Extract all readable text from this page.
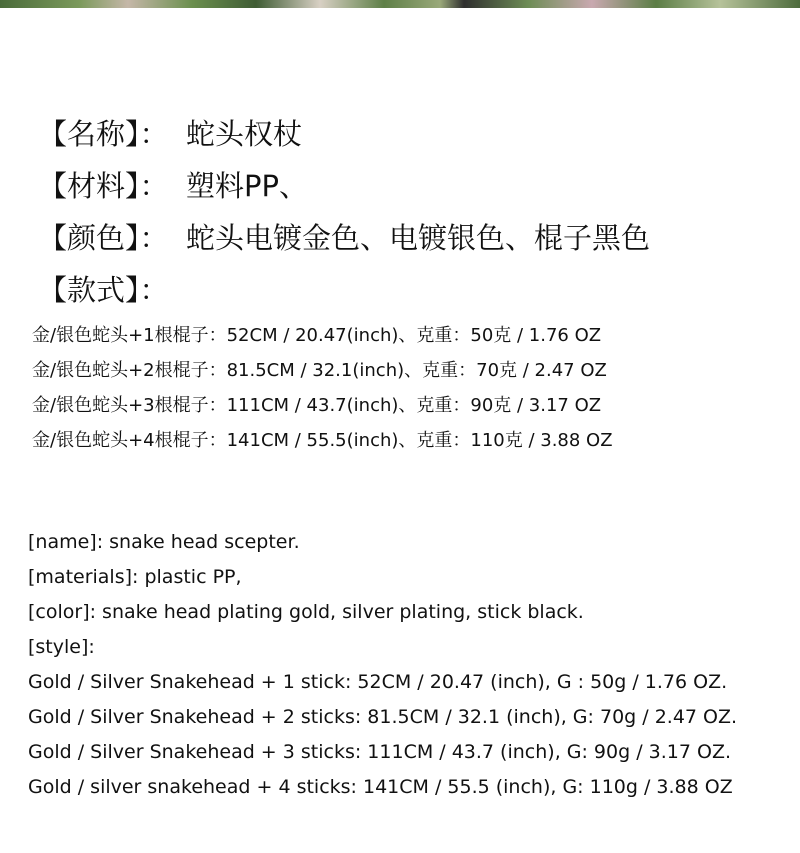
【名称】： 蛇头权杖
【材料】： 塑料PP、
【颜色】： 蛇头电镀金色、电镀银色、棍子黑色
【款式】：
金/银色蛇头+1根棍子：52CM / 20.47(inch)、克重：50克 / 1.76 OZ
金/银色蛇头+2根棍子：81.5CM / 32.1(inch)、克重：70克 / 2.47 OZ
金/银色蛇头+3根棍子：111CM / 43.7(inch)、克重：90克 / 3.17 OZ
金/银色蛇头+4根棍子：141CM / 55.5(inch)、克重：110克 / 3.88 OZ
[name]: snake head scepter.
[materials]: plastic PP,
[color]: snake head plating gold, silver plating, stick black.
[style]:
Gold / Silver Snakehead + 1 stick: 52CM / 20.47 (inch), G : 50g / 1.76 OZ.
Gold / Silver Snakehead + 2 sticks: 81.5CM / 32.1 (inch), G: 70g / 2.47 OZ.
Gold / Silver Snakehead + 3 sticks: 111CM / 43.7 (inch), G: 90g / 3.17 OZ.
Gold / silver snakehead + 4 sticks: 141CM / 55.5 (inch), G: 110g / 3.88 OZ
